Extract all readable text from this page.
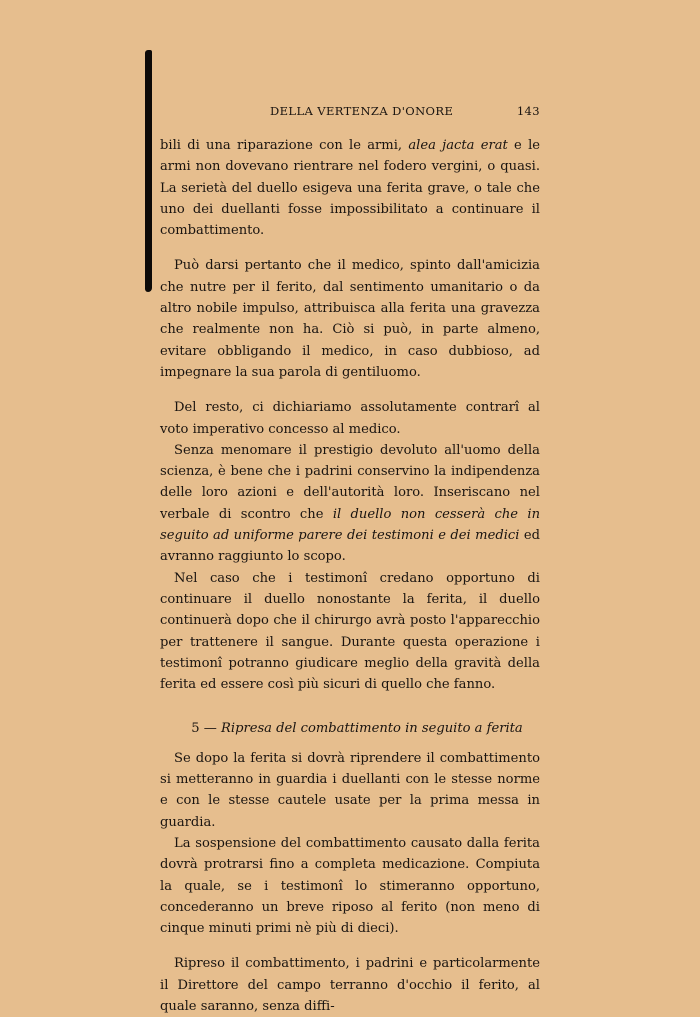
DELLA VERTENZA D'ONORE	143

bili di una riparazione con le armi, alea jacta erat e le armi non dovevano rientrare nel fodero vergini, o quasi. La serietà del duello esigeva una ferita grave, o tale che uno dei duellanti fosse impossibilitato a continuare il combattimento.

Può darsi pertanto che il medico, spinto dall'amicizia che nutre per il ferito, dal sentimento umanitario o da altro nobile impulso, attribuisca alla ferita una gravezza che realmente non ha. Ciò si può, in parte almeno, evitare obbligando il medico, in caso dubbioso, ad impegnare la sua parola di gentiluomo.

Del resto, ci dichiariamo assolutamente contrarî al voto imperativo concesso al medico.

Senza menomare il prestigio devoluto all'uomo della scienza, è bene che i padrini conservino la indipendenza delle loro azioni e dell'autorità loro. Inseriscano nel verbale di scontro che il duello non cesserà che in seguito ad uniforme parere dei testimoni e dei medici ed avranno raggiunto lo scopo.

Nel caso che i testimonî credano opportuno di continuare il duello nonostante la ferita, il duello continuerà dopo che il chirurgo avrà posto l'apparecchio per trattenere il sangue. Durante questa operazione i testimonî potranno giudicare meglio della gravità della ferita ed essere così più sicuri di quello che fanno.

5 — Ripresa del combattimento in seguito a ferita

Se dopo la ferita si dovrà riprendere il combattimento si metteranno in guardia i duellanti con le stesse norme e con le stesse cautele usate per la prima messa in guardia.

La sospensione del combattimento causato dalla ferita dovrà protrarsi fino a completa medicazione. Compiuta la quale, se i testimonî lo stimeranno opportuno, concederanno un breve riposo al ferito (non meno di cinque minuti primi nè più di dieci).

Ripreso il combattimento, i padrini e particolarmente il Direttore del campo terranno d'occhio il ferito, al quale saranno, senza diffi-
